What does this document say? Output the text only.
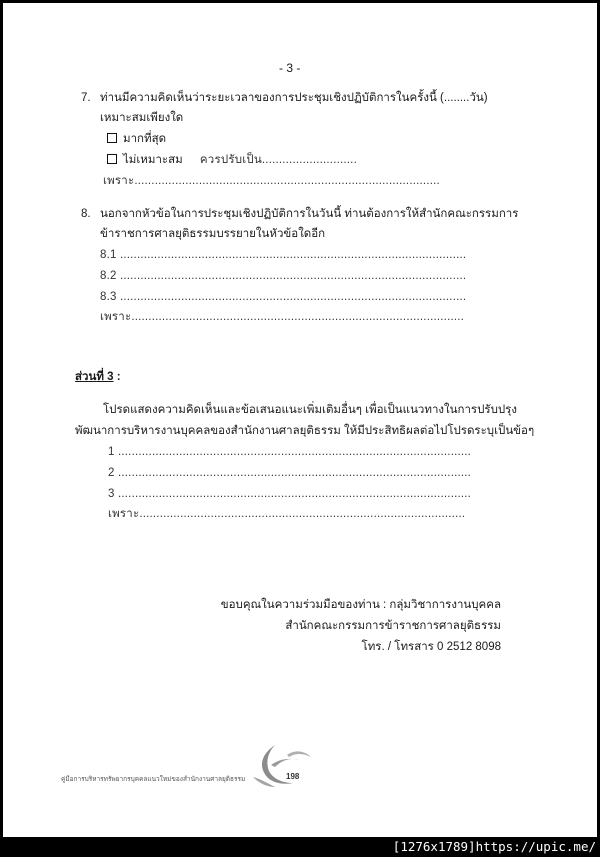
- 3 -
7. ท่านมีความคิดเห็นว่าระยะเวลาของการประชุมเชิงปฏิบัติการในครั้งนี้ (........วัน)
เหมาะสมเพียงใด
มากที่สุด
ไม่เหมาะสม ควรปรับเป็น............................
เพราะ..........................................................................................
8. นอกจากหัวข้อในการประชุมเชิงปฏิบัติการในวันนี้ ท่านต้องการให้สำนักคณะกรรมการ
ข้าราชการศาลยุติธรรมบรรยายในหัวข้อใดอีก
8.1 ......................................................................................................
8.2 ......................................................................................................
8.3 ......................................................................................................
เพราะ..................................................................................................
ส่วนที่ 3 :
โปรดแสดงความคิดเห็นและข้อเสนอแนะเพิ่มเติมอื่นๆ เพื่อเป็นแนวทางในการปรับปรุง
พัฒนาการบริหารงานบุคคลของสำนักงานศาลยุติธรรม ให้มีประสิทธิผลต่อไปโปรดระบุเป็นข้อๆ
1 ........................................................................................................
2 ........................................................................................................
3 ........................................................................................................
เพราะ................................................................................................
ขอบคุณในความร่วมมือของท่าน : กลุ่มวิชาการงานบุคคล
สำนักคณะกรรมการข้าราชการศาลยุติธรรม
โทร. / โทรสาร 0 2512 8098
คู่มือการบริหารทรัพยากรบุคคลแนวใหม่ของสำนักงานศาลยุติธรรม	198
[1276x1789]https://upic.me/
